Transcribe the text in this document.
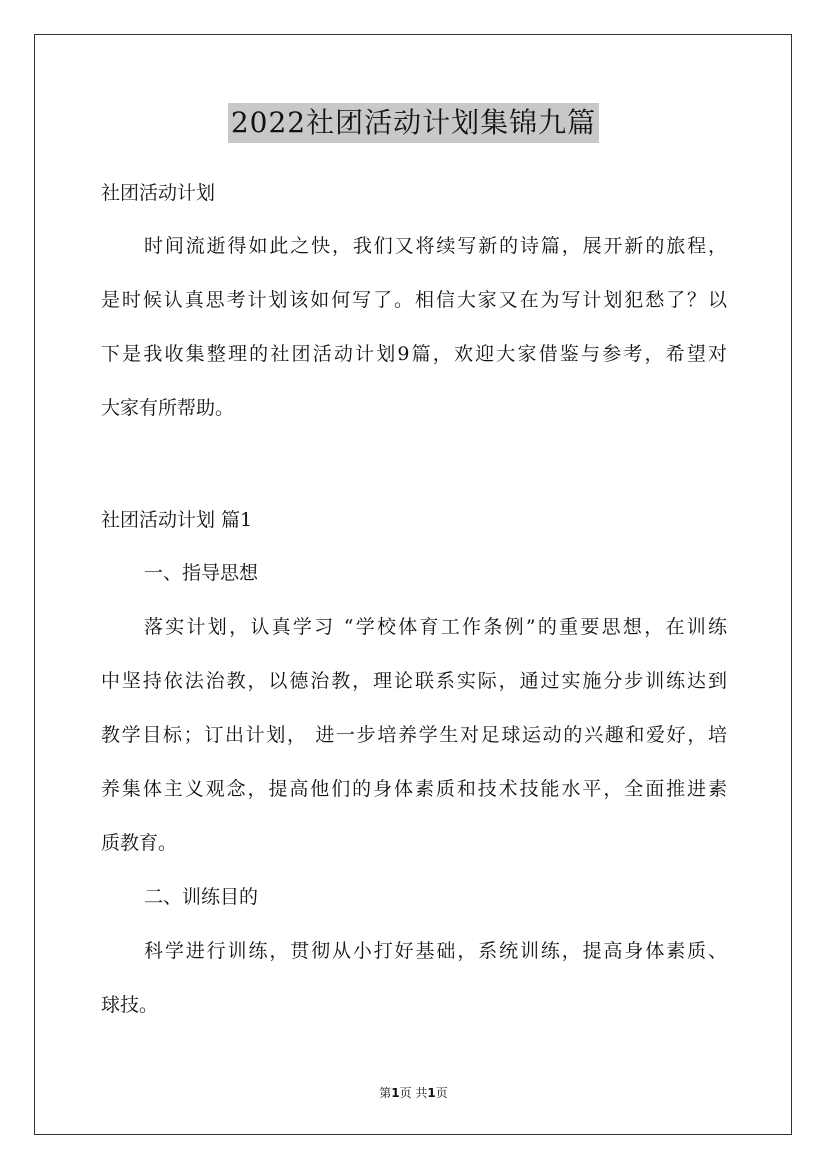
2022社团活动计划集锦九篇
社团活动计划
时间流逝得如此之快，我们又将续写新的诗篇，展开新的旅程，
是时候认真思考计划该如何写了。相信大家又在为写计划犯愁了？以
下是我收集整理的社团活动计划9篇，欢迎大家借鉴与参考，希望对
大家有所帮助。
社团活动计划 篇1
一、指导思想
落实计划，认真学习 “学校体育工作条例”的重要思想，在训练
中坚持依法治教，以德治教，理论联系实际，通过实施分步训练达到
教学目标；订出计划， 进一步培养学生对足球运动的兴趣和爱好，培
养集体主义观念，提高他们的身体素质和技术技能水平，全面推进素
质教育。
二、训练目的
科学进行训练，贯彻从小打好基础，系统训练，提高身体素质、
球技。
第1页 共1页
